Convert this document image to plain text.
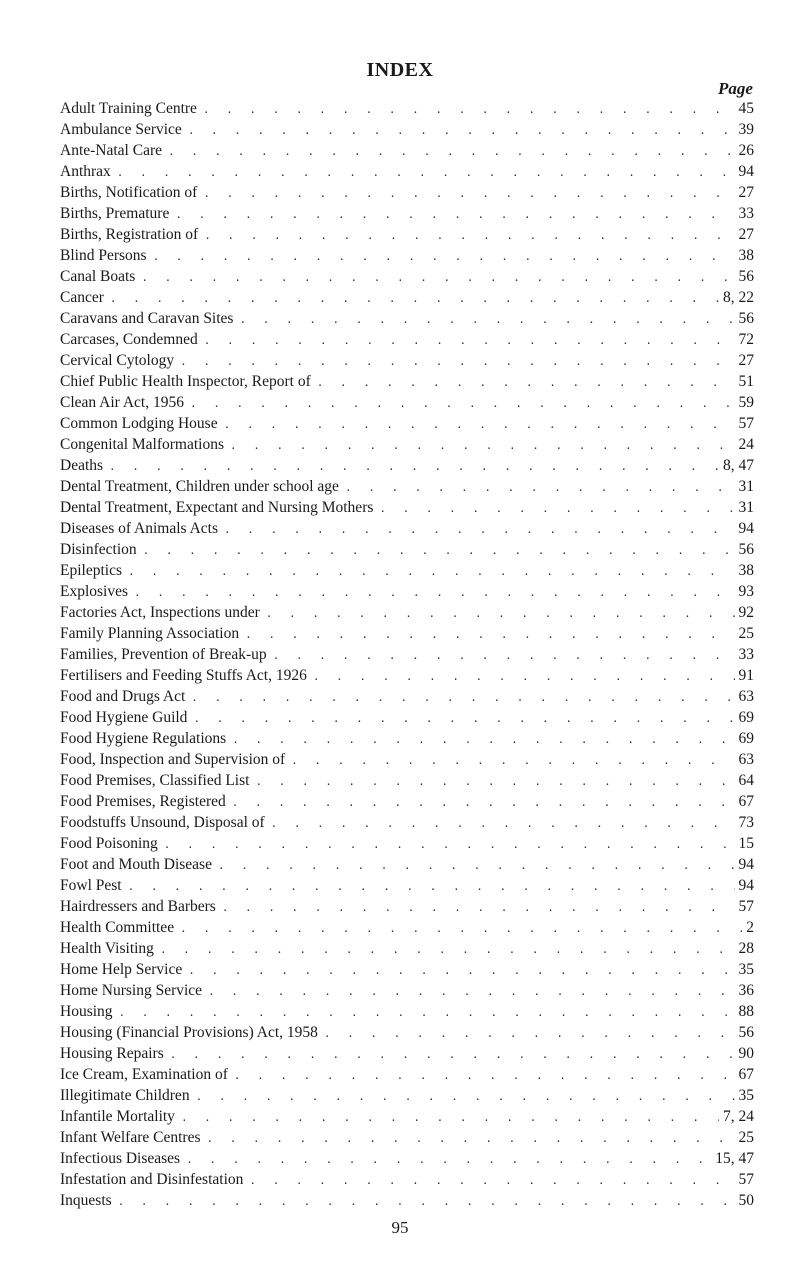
INDEX
Page
Adult Training Centre . . .	45
Ambulance Service . . .	39
Ante-Natal Care . . .	26
Anthrax . . .	94
Births, Notification of . . .	27
Births, Premature . . .	33
Births, Registration of . . .	27
Blind Persons . . .	38
Canal Boats . . .	56
Cancer . . .	8, 22
Caravans and Caravan Sites . . .	56
Carcases, Condemned . . .	72
Cervical Cytology . . .	27
Chief Public Health Inspector, Report of . . .	51
Clean Air Act, 1956 . . .	59
Common Lodging House . . .	57
Congenital Malformations . . .	24
Deaths . . .	8, 47
Dental Treatment, Children under school age . . .	31
Dental Treatment, Expectant and Nursing Mothers . . .	31
Diseases of Animals Acts . . .	94
Disinfection . . .	56
Epileptics . . .	38
Explosives . . .	93
Factories Act, Inspections under . . .	92
Family Planning Association . . .	25
Families, Prevention of Break-up . . .	33
Fertilisers and Feeding Stuffs Act, 1926 . . .	91
Food and Drugs Act . . .	63
Food Hygiene Guild . . .	69
Food Hygiene Regulations . . .	69
Food, Inspection and Supervision of . . .	63
Food Premises, Classified List . . .	64
Food Premises, Registered . . .	67
Foodstuffs Unsound, Disposal of . . .	73
Food Poisoning . . .	15
Foot and Mouth Disease . . .	94
Fowl Pest . . .	94
Hairdressers and Barbers . . .	57
Health Committee . . .	2
Health Visiting . . .	28
Home Help Service . . .	35
Home Nursing Service . . .	36
Housing . . .	88
Housing (Financial Provisions) Act, 1958 . . .	56
Housing Repairs . . .	90
Ice Cream, Examination of . . .	67
Illegitimate Children . . .	35
Infantile Mortality . . .	7, 24
Infant Welfare Centres . . .	25
Infectious Diseases . . .	15, 47
Infestation and Disinfestation . . .	57
Inquests . . .	50
95
